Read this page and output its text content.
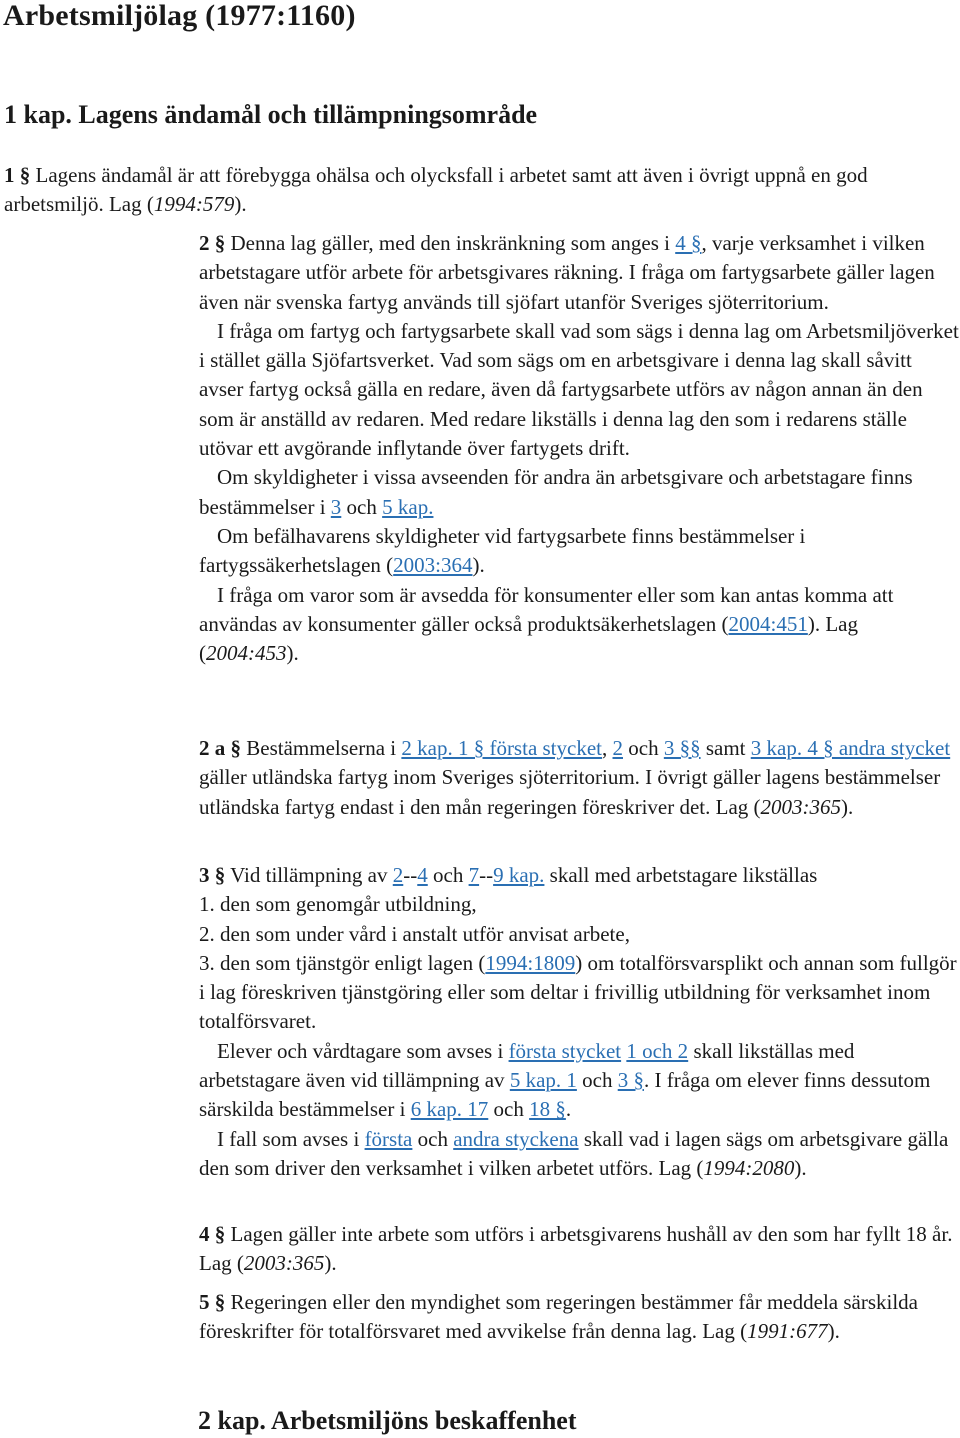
Arbetsmiljölag (1977:1160)
1 kap. Lagens ändamål och tillämpningsområde

1 § Lagens ändamål är att förebygga ohälsa och olycksfall i arbetet samt att även i övrigt uppnå en god arbetsmiljö. Lag (1994:579).

2 § Denna lag gäller, med den inskränkning som anges i 4 §, varje verksamhet i vilken arbetstagare utför arbete för arbetsgivares räkning. I fråga om fartygsarbete gäller lagen även när svenska fartyg används till sjöfart utanför Sveriges sjöterritorium.

I fråga om fartyg och fartygsarbete skall vad som sägs i denna lag om Arbetsmiljöverket i stället gälla Sjöfartsverket. Vad som sägs om en arbetsgivare i denna lag skall såvitt avser fartyg också gälla en redare, även då fartygsarbete utförs av någon annan än den som är anställd av redaren. Med redare likställs i denna lag den som i redarens ställe utövar ett avgörande inflytande över fartygets drift.

Om skyldigheter i vissa avseenden för andra än arbetsgivare och arbetstagare finns bestämmelser i 3 och 5 kap.

Om befälhavarens skyldigheter vid fartygsarbete finns bestämmelser i fartygssäkerhetslagen (2003:364).

I fråga om varor som är avsedda för konsumenter eller som kan antas komma att användas av konsumenter gäller också produktsäkerhetslagen (2004:451). Lag (2004:453).

2 a § Bestämmelserna i 2 kap. 1 § första stycket, 2 och 3 §§ samt 3 kap. 4 § andra stycket gäller utländska fartyg inom Sveriges sjöterritorium. I övrigt gäller lagens bestämmelser utländska fartyg endast i den mån regeringen föreskriver det. Lag (2003:365).

3 § Vid tillämpning av 2--4 och 7--9 kap. skall med arbetstagare likställas

1. den som genomgår utbildning,

2. den som under vård i anstalt utför anvisat arbete,

3. den som tjänstgör enligt lagen (1994:1809) om totalförsvarsplikt och annan som fullgör i lag föreskriven tjänstgöring eller som deltar i frivillig utbildning för verksamhet inom totalförsvaret.

Elever och vårdtagare som avses i första stycket 1 och 2 skall likställas med arbetstagare även vid tillämpning av 5 kap. 1 och 3 §. I fråga om elever finns dessutom särskilda bestämmelser i 6 kap. 17 och 18 §.

I fall som avses i första och andra styckena skall vad i lagen sägs om arbetsgivare gälla den som driver den verksamhet i vilken arbetet utförs. Lag (1994:2080).

4 § Lagen gäller inte arbete som utförs i arbetsgivarens hushåll av den som har fyllt 18 år. Lag (2003:365).

5 § Regeringen eller den myndighet som regeringen bestämmer får meddela särskilda föreskrifter för totalförsvaret med avvikelse från denna lag. Lag (1991:677).

2 kap. Arbetsmiljöns beskaffenhet
